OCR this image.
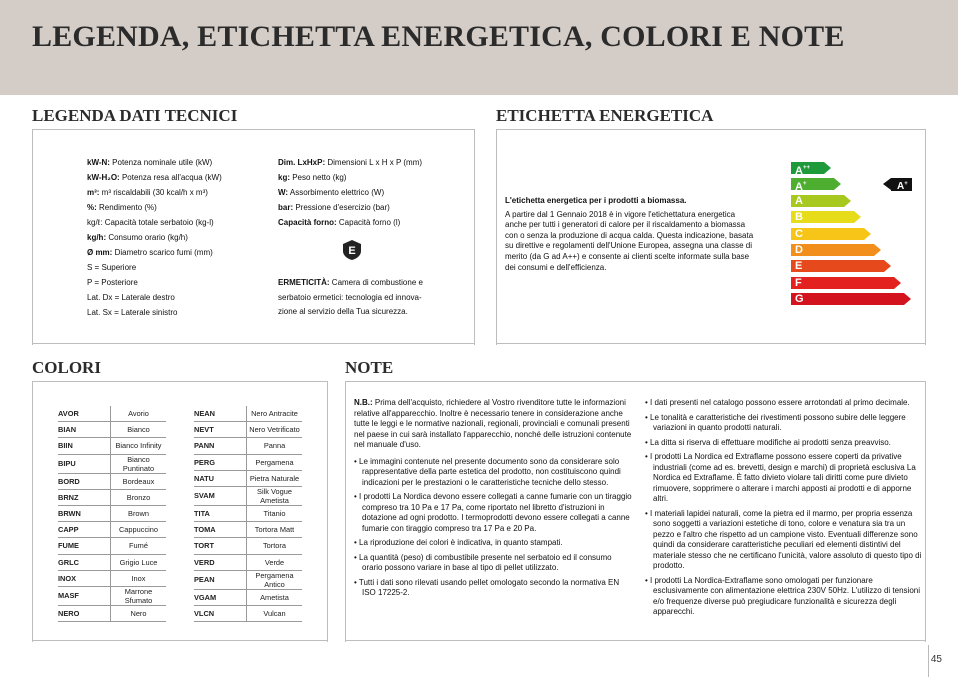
LEGENDA, ETICHETTA ENERGETICA, COLORI E NOTE
LEGENDA DATI TECNICI	ETICHETTA ENERGETICA
COLORI	NOTE
kW-N: Potenza nominale utile (kW)
kW-H₂O: Potenza resa all'acqua (kW)
m³: m³ riscaldabili (30 kcal/h x m³)
%: Rendimento (%)
kg/ℓ: Capacità totale serbatoio (kg-l)
kg/h: Consumo orario (kg/h)
Ø mm: Diametro scarico fumi (mm)
S = Superiore
P = Posteriore
Lat. Dx = Laterale destro
Lat. Sx = Laterale sinistro
Dim. LxHxP: Dimensioni L x H x P (mm)
kg: Peso netto (kg)
W: Assorbimento elettrico (W)
bar: Pressione d'esercizio (bar)
Capacità forno: Capacità forno (l)
E
ERMETICITÀ: Camera di combustione e serbatoio ermetici: tecnologia ed innova-zione al servizio della Tua sicurezza.
L'etichetta energetica per i prodotti a biomassa.
A partire dal 1 Gennaio 2018 è in vigore l'etichettatura energetica anche per tutti i generatori di calore per il riscaldamento a biomassa con o senza la produzione di acqua calda. Questa indicazione, basata su direttive e regolamenti dell'Unione Europea, assegna una classe di merito (da G ad A++) e consente ai clienti scelte informate sulla base dei consumi e dell'efficienza.
A++
A+
A
B
C
D
E
F
G
A+
AVOR	Avorio
BIAN	Bianco
BIIN	Bianco Infinity
BIPU	Bianco Puntinato
BORD	Bordeaux
BRNZ	Bronzo
BRWN	Brown
CAPP	Cappuccino
FUME	Fumé
GRLC	Grigio Luce
INOX	Inox
MASF	Marrone Sfumato
NERO	Nero
NEAN	Nero Antracite
NEVT	Nero Vetrificato
PANN	Panna
PERG	Pergamena
NATU	Pietra Naturale
SVAM	Silk Vogue Ametista
TITA	Titanio
TOMA	Tortora Matt
TORT	Tortora
VERD	Verde
PEAN	Pergamena Antico
VGAM	Ametista
VLCN	Vulcan

N.B.: Prima dell'acquisto, richiedere al Vostro rivenditore tutte le informazioni relative all'apparecchio. Inoltre è necessario tenere in considerazione anche tutte le leggi e le normative nazionali, regionali, provinciali e comunali presenti nel paese in cui sarà installato l'apparecchio, nonché delle istruzioni contenute nel manuale d'uso.

• Le immagini contenute nel presente documento sono da considerare solo rappresentative della parte estetica del prodotto, non costituiscono quindi indicazioni per le prestazioni o le caratteristiche tecniche dello stesso.

• I prodotti La Nordica devono essere collegati a canne fumarie con un tiraggio compreso tra 10 Pa e 17 Pa, come riportato nel libretto d'istruzioni in dotazione ad ogni prodotto. I termoprodotti devono essere collegati a canne fumarie con tiraggio compreso tra 17 Pa e 20 Pa.

• La riproduzione dei colori è indicativa, in quanto stampati.

• La quantità (peso) di combustibile presente nel serbatoio ed il consumo orario possono variare in base al tipo di pellet utilizzato.

• Tutti i dati sono rilevati usando pellet omologato secondo la normativa EN ISO 17225-2.

• I dati presenti nel catalogo possono essere arrotondati al primo decimale.

• Le tonalità e caratteristiche dei rivestimenti possono subire delle leggere variazioni in quanto prodotti naturali.

• La ditta si riserva di effettuare modifiche ai prodotti senza preavviso.

• I prodotti La Nordica ed Extraflame possono essere coperti da privative industriali (come ad es. brevetti, design e marchi) di proprietà esclusiva La Nordica ed Extraflame. È fatto divieto violare tali diritti come pure divieto rimuovere, sopprimere o alterare i marchi apposti ai prodotti e di apporne altri.

• I materiali lapidei naturali, come la pietra ed il marmo, per propria essenza sono soggetti a variazioni estetiche di tono, colore e venatura sia tra un pezzo e l'altro che rispetto ad un campione visto. Eventuali differenze sono quindi da considerare caratteristiche peculiari ed elementi distintivi del materiale stesso che ne certificano l'unicità, valore assoluto di questo tipo di prodotto.

• I prodotti La Nordica-Extraflame sono omologati per funzionare esclusivamente con alimentazione elettrica 230V 50Hz. L'utilizzo di tensioni e/o frequenze diverse può pregiudicare funzionalità e sicurezza degli apparecchi.

45
